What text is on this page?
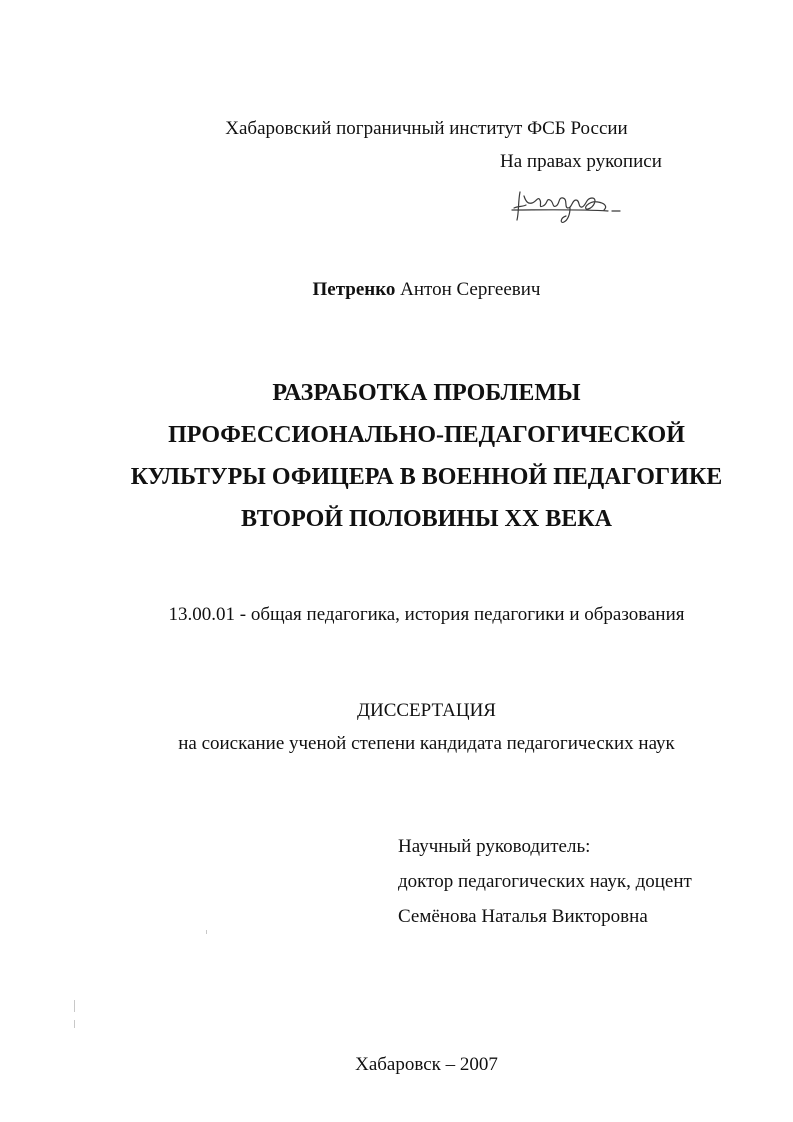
Хабаровский пограничный институт ФСБ России
На правах рукописи
Петренко Антон Сергеевич
РАЗРАБОТКА ПРОБЛЕМЫ
ПРОФЕССИОНАЛЬНО-ПЕДАГОГИЧЕСКОЙ
КУЛЬТУРЫ ОФИЦЕРА В ВОЕННОЙ ПЕДАГОГИКЕ
ВТОРОЙ ПОЛОВИНЫ XX ВЕКА
13.00.01 - общая педагогика, история педагогики и образования
ДИССЕРТАЦИЯ
на соискание ученой степени кандидата педагогических наук
Научный руководитель:
доктор педагогических наук, доцент
Семёнова Наталья Викторовна
Хабаровск – 2007
